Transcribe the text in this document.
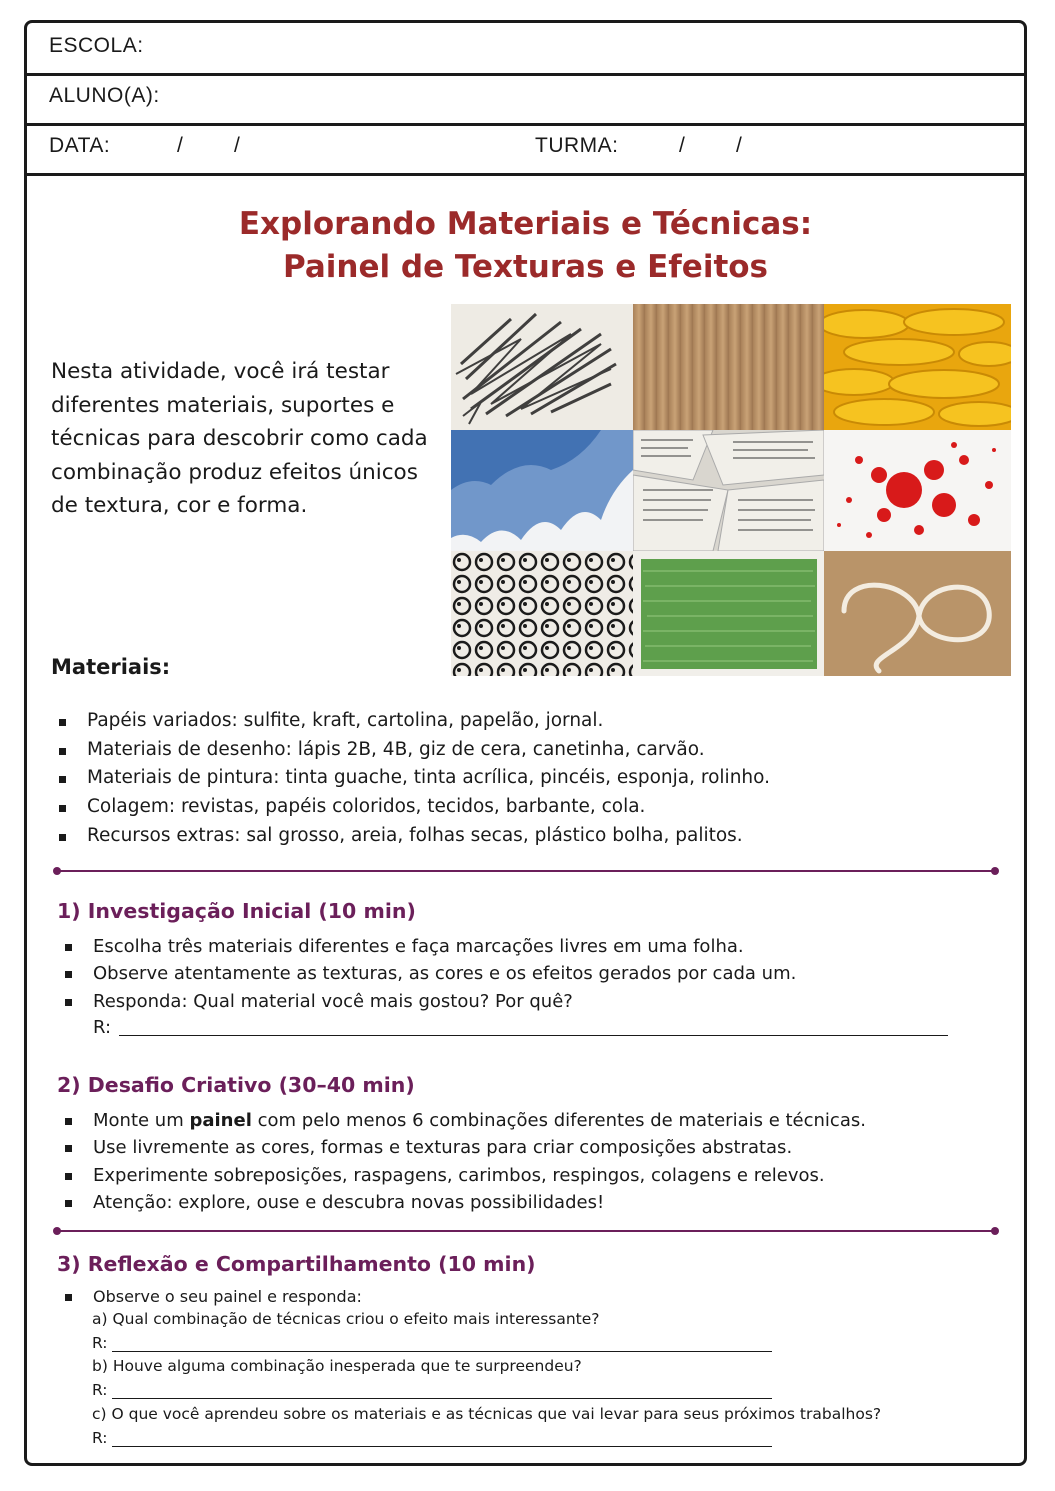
ESCOLA:
ALUNO(A):
DATA:	/        /	TURMA:	/        /
Explorando Materiais e Técnicas:
Painel de Texturas e Efeitos
Nesta atividade, você irá testar diferentes materiais, suportes e técnicas para descobrir como cada combinação produz efeitos únicos de textura, cor e forma.
Materiais:
Papéis variados: sulfite, kraft, cartolina, papelão, jornal.
Materiais de desenho: lápis 2B, 4B, giz de cera, canetinha, carvão.
Materiais de pintura: tinta guache, tinta acrílica, pincéis, esponja, rolinho.
Colagem: revistas, papéis coloridos, tecidos, barbante, cola.
Recursos extras: sal grosso, areia, folhas secas, plástico bolha, palitos.
1) Investigação Inicial (10 min)
Escolha três materiais diferentes e faça marcações livres em uma folha.
Observe atentamente as texturas, as cores e os efeitos gerados por cada um.
Responda: Qual material você mais gostou? Por quê?
R:
2) Desafio Criativo (30–40 min)
Monte um painel com pelo menos 6 combinações diferentes de materiais e técnicas.
Use livremente as cores, formas e texturas para criar composições abstratas.
Experimente sobreposições, raspagens, carimbos, respingos, colagens e relevos.
Atenção: explore, ouse e descubra novas possibilidades!
3) Reflexão e Compartilhamento (10 min)
Observe o seu painel e responda:
a) Qual combinação de técnicas criou o efeito mais interessante?
R:
b) Houve alguma combinação inesperada que te surpreendeu?
R:
c) O que você aprendeu sobre os materiais e as técnicas que vai levar para seus próximos trabalhos?
R:
